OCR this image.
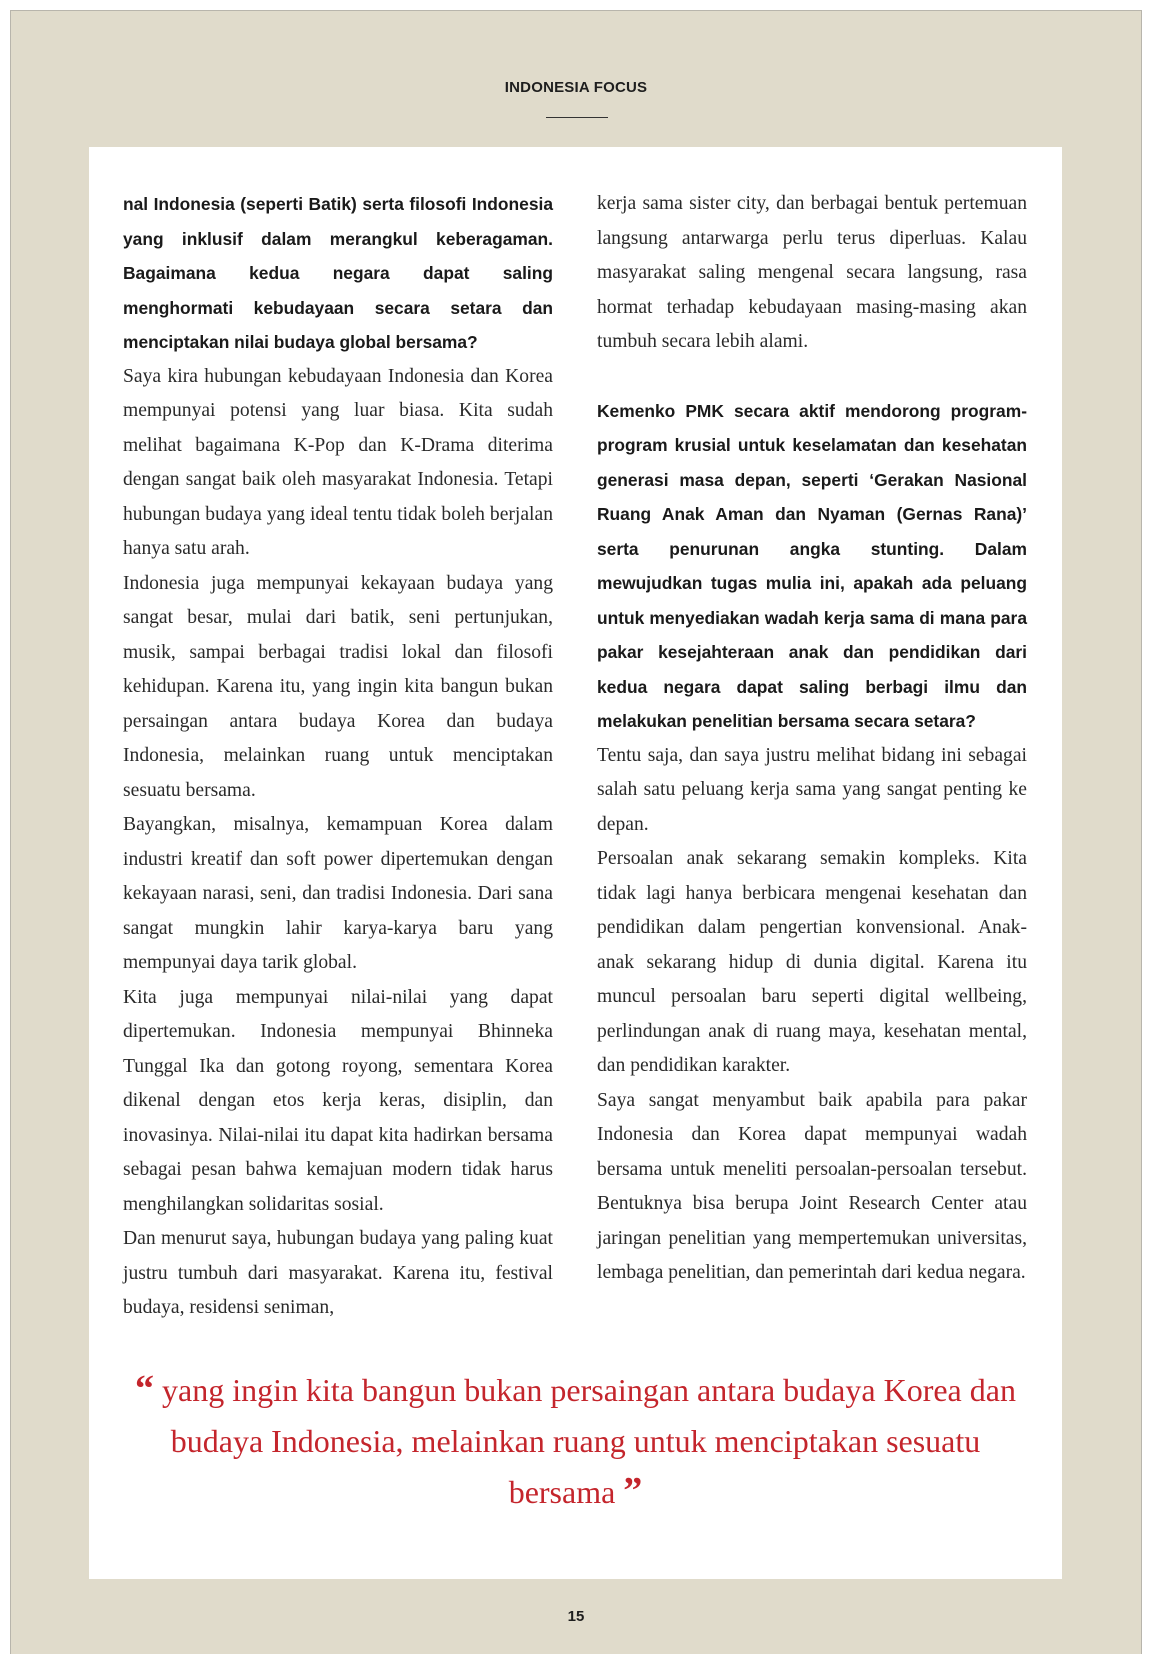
INDONESIA FOCUS

nal Indonesia (seperti Batik) serta filosofi Indonesia yang inklusif dalam merangkul keberagaman. Bagaimana kedua negara dapat saling menghormati kebudayaan secara setara dan menciptakan nilai budaya global bersama?

Saya kira hubungan kebudayaan Indonesia dan Korea mempunyai potensi yang luar biasa. Kita sudah melihat bagaimana K-Pop dan K-Drama diterima dengan sangat baik oleh masyarakat Indonesia. Tetapi hubungan budaya yang ideal tentu tidak boleh berjalan hanya satu arah.

Indonesia juga mempunyai kekayaan budaya yang sangat besar, mulai dari batik, seni pertunjukan, musik, sampai berbagai tradisi lokal dan filosofi kehidupan. Karena itu, yang ingin kita bangun bukan persaingan antara budaya Korea dan budaya Indonesia, melainkan ruang untuk menciptakan sesuatu bersama.

Bayangkan, misalnya, kemampuan Korea dalam industri kreatif dan soft power dipertemukan dengan kekayaan narasi, seni, dan tradisi Indonesia. Dari sana sangat mungkin lahir karya-karya baru yang mempunyai daya tarik global.

Kita juga mempunyai nilai-nilai yang dapat dipertemukan. Indonesia mempunyai Bhinneka Tunggal Ika dan gotong royong, sementara Korea dikenal dengan etos kerja keras, disiplin, dan inovasinya. Nilai-nilai itu dapat kita hadirkan bersama sebagai pesan bahwa kemajuan modern tidak harus menghilangkan solidaritas sosial.

Dan menurut saya, hubungan budaya yang paling kuat justru tumbuh dari masyarakat. Karena itu, festival budaya, residensi seniman,

kerja sama sister city, dan berbagai bentuk pertemuan langsung antarwarga perlu terus diperluas. Kalau masyarakat saling mengenal secara langsung, rasa hormat terhadap kebudayaan masing-masing akan tumbuh secara lebih alami.

Kemenko PMK secara aktif mendorong program-program krusial untuk keselamatan dan kesehatan generasi masa depan, seperti ‘Gerakan Nasional Ruang Anak Aman dan Nyaman (Gernas Rana)’ serta penurunan angka stunting. Dalam mewujudkan tugas mulia ini, apakah ada peluang untuk menyediakan wadah kerja sama di mana para pakar kesejahteraan anak dan pendidikan dari kedua negara dapat saling berbagi ilmu dan melakukan penelitian bersama secara setara?

Tentu saja, dan saya justru melihat bidang ini sebagai salah satu peluang kerja sama yang sangat penting ke depan.

Persoalan anak sekarang semakin kompleks. Kita tidak lagi hanya berbicara mengenai kesehatan dan pendidikan dalam pengertian konvensional. Anak-anak sekarang hidup di dunia digital. Karena itu muncul persoalan baru seperti digital wellbeing, perlindungan anak di ruang maya, kesehatan mental, dan pendidikan karakter.

Saya sangat menyambut baik apabila para pakar Indonesia dan Korea dapat mempunyai wadah bersama untuk meneliti persoalan-persoalan tersebut. Bentuknya bisa berupa Joint Research Center atau jaringan penelitian yang mempertemukan universitas, lembaga penelitian, dan pemerintah dari kedua negara.

“ yang ingin kita bangun bukan persaingan antara budaya Korea dan budaya Indonesia, melainkan ruang untuk menciptakan sesuatu bersama ”
15
